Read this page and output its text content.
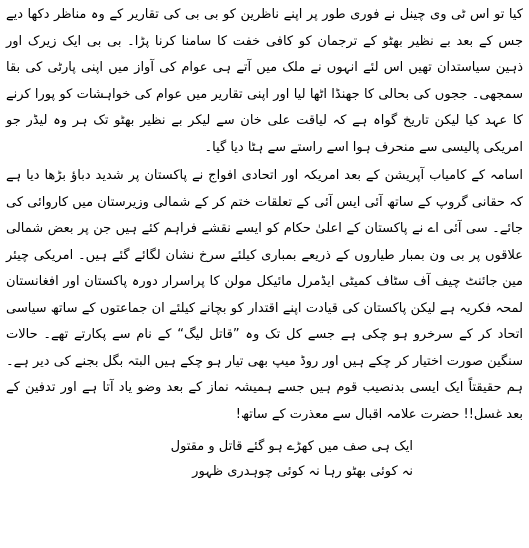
کیا تو اس ٹی وی چینل نے فوری طور پر اپنے ناظرین کو بی بی کی تقاریر کے وہ مناظر دکھا دیے جس کے بعد بے نظیر بھٹو کے ترجمان کو کافی خفت کا سامنا کرنا پڑا۔ بی بی ایک زیرک اور ذہین سیاستدان تھیں اس لئے انہوں نے ملک میں آتے ہی عوام کی آواز میں اپنی پارٹی کی بقا سمجھی۔ ججوں کی بحالی کا جھنڈا اٹھا لیا اور اپنی تقاریر میں عوام کی خواہشات کو پورا کرنے کا عہد کیا لیکن تاریخ گواہ ہے کہ لیاقت علی خان سے لیکر بے نظیر بھٹو تک ہر وہ لیڈر جو امریکی پالیسی سے منحرف ہوا اسے راستے سے ہٹا دیا گیا۔

اسامہ کے کامیاب آپریشن کے بعد امریکہ اور اتحادی افواج نے پاکستان پر شدید دباؤ بڑھا دیا ہے کہ حقانی گروپ کے ساتھ آئی ایس آئی کے تعلقات ختم کر کے شمالی وزیرستان میں کاروائی کی جائے۔ سی آئی اے نے پاکستان کے اعلیٰ حکام کو ایسے نقشے فراہم کئے ہیں جن پر بعض شمالی علاقوں پر بی ون بمبار طیاروں کے ذریعے بمباری کیلئے سرخ نشان لگائے گئے ہیں۔ امریکی چیئر مین جائنٹ چیف آف سٹاف کمیٹی ایڈمرل مائیکل مولن کا پراسرار دورہ پاکستان اور افغانستان لمحہ فکریہ ہے لیکن پاکستان کی قیادت اپنے اقتدار کو بچانے کیلئے ان جماعتوں کے ساتھ سیاسی اتحاد کر کے سرخرو ہو چکی ہے جسے کل تک وہ ”قاتل لیگ“ کے نام سے پکارتے تھے۔ حالات سنگین صورت اختیار کر چکے ہیں اور روڈ میپ بھی تیار ہو چکے ہیں البتہ بگل بجنے کی دیر ہے۔ ہم حقیقتاً ایک ایسی بدنصیب قوم ہیں جسے ہمیشہ نماز کے بعد وضو یاد آتا ہے اور تدفین کے بعد غسل!! حضرت علامہ اقبال سے معذرت کے ساتھ!

ایک ہی صف میں کھڑے ہو گئے قاتل و مقتول
نہ کوئی بھٹو رہا نہ کوئی چوہدری ظہور
